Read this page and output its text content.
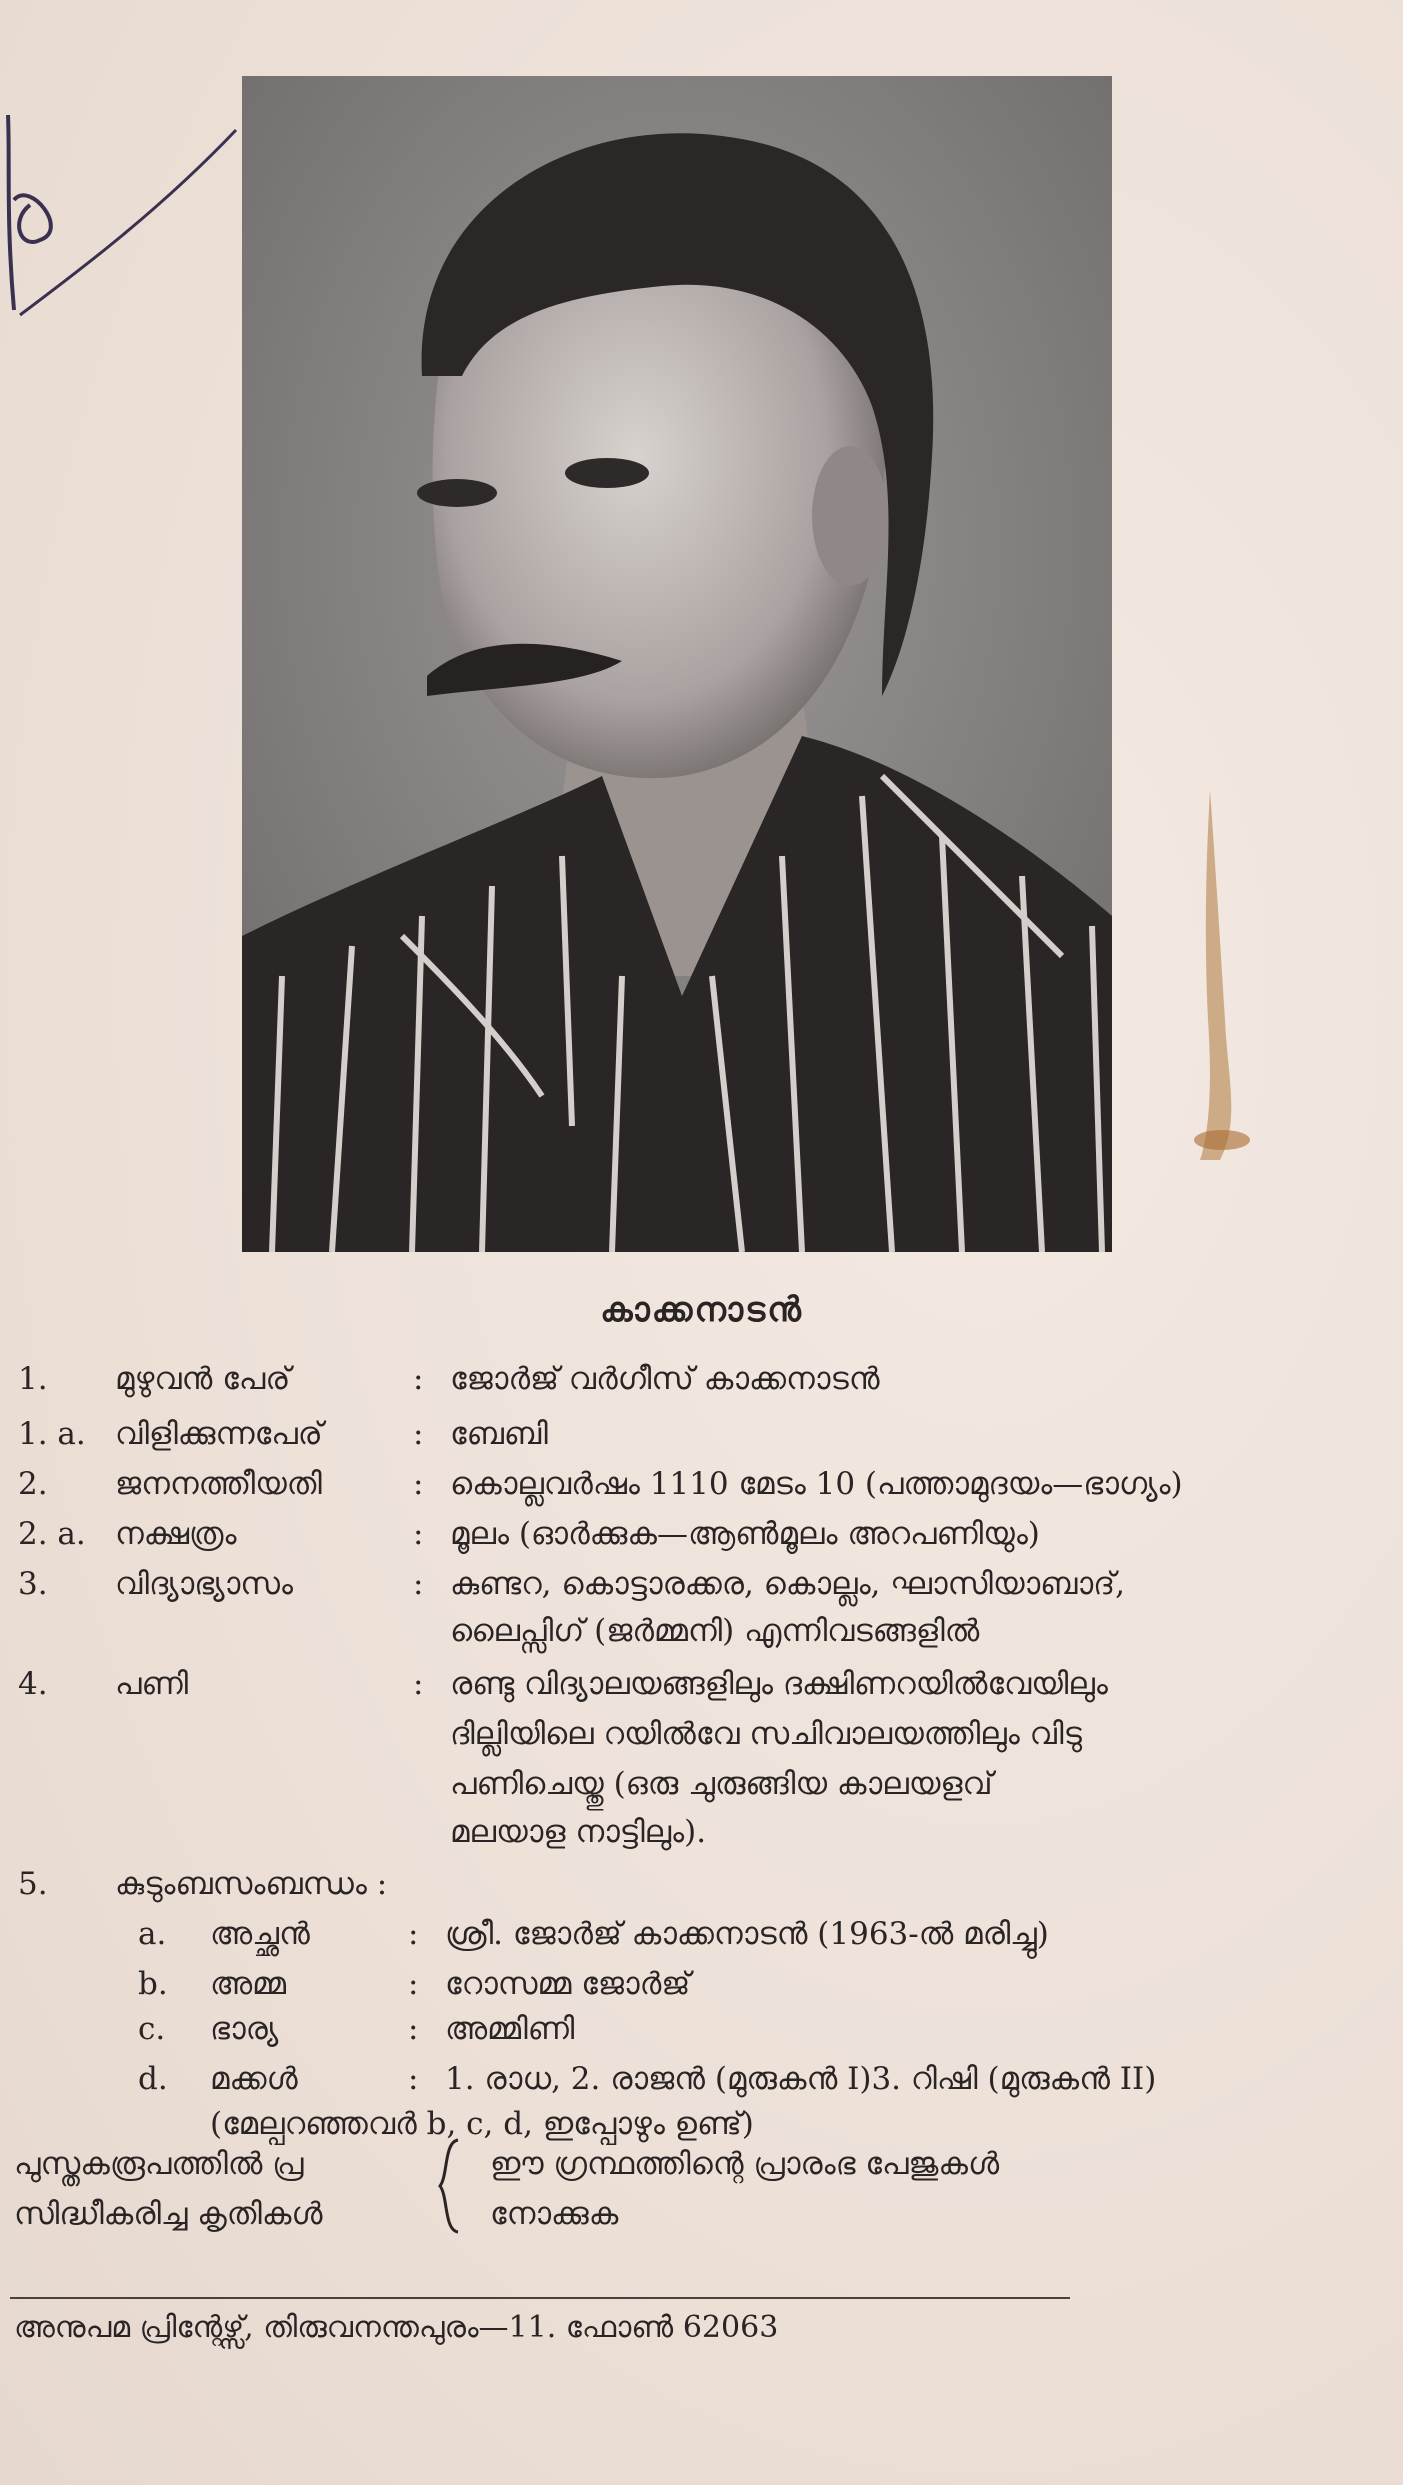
കാക്കനാടൻ
1. മുഴുവൻ പേര്	: ജോർജ് വർഗീസ് കാക്കനാടൻ
1. a. വിളിക്കുന്നപേര്	: ബേബി
2. ജനനത്തീയതി	: കൊല്ലവർഷം 1110 മേടം 10 (പത്താമുദയം—ഭാഗ്യം)
2. a. നക്ഷത്രം	: മൂലം (ഓർക്കുക—ആൺമൂലം അറപണിയും)
3. വിദ്യാഭ്യാസം	: കുണ്ടറ, കൊട്ടാരക്കര, കൊല്ലം, ഘാസിയാബാദ്,
ലൈപ്സിഗ് (ജർമ്മനി) എന്നിവടങ്ങളിൽ
4. പണി	: രണ്ടു വിദ്യാലയങ്ങളിലും ദക്ഷിണറയിൽവേയിലും
ദില്ലിയിലെ റയിൽവേ സചിവാലയത്തിലും വിടു
പണിചെയ്തു (ഒരു ചുരുങ്ങിയ കാലയളവ്
മലയാള നാട്ടിലും).
5. കുടുംബസംബന്ധം :
a. അച്ഛൻ	: ശ്രീ. ജോർജ് കാക്കനാടൻ (1963-ൽ മരിച്ചു)
b. അമ്മ	: റോസമ്മ ജോർജ്
c. ഭാര്യ	: അമ്മിണി
d. മക്കൾ	: 1. രാധ, 2. രാജൻ (മുരുകൻ I)3. റിഷി (മുരുകൻ II)
(മേല്പറഞ്ഞവർ b, c, d, ഇപ്പോഴും ഉണ്ട്)
പുസ്തകരൂപത്തിൽ പ്ര
സിദ്ധീകരിച്ച കൃതികൾ
ഈ ഗ്രന്ഥത്തിന്റെ പ്രാരംഭ പേജുകൾ
നോക്കുക
അനുപമ പ്രിന്റേഴ്സ്, തിരുവനന്തപുരം—11. ഫോൺ 62063
